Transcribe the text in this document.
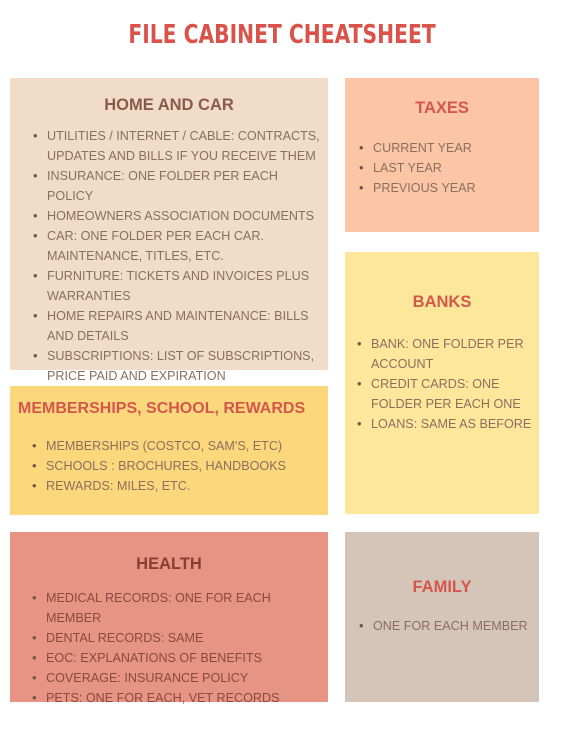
FILE CABINET CHEATSHEET
HOME AND CAR
• UTILITIES / INTERNET / CABLE: CONTRACTS, UPDATES AND BILLS IF YOU RECEIVE THEM
• INSURANCE: ONE FOLDER PER EACH POLICY
• HOMEOWNERS ASSOCIATION DOCUMENTS
• CAR: ONE FOLDER PER EACH CAR. MAINTENANCE, TITLES, ETC.
• FURNITURE: TICKETS AND INVOICES PLUS WARRANTIES
• HOME REPAIRS AND MAINTENANCE: BILLS AND DETAILS
• SUBSCRIPTIONS: LIST OF SUBSCRIPTIONS, PRICE PAID AND EXPIRATION
TAXES
• CURRENT YEAR
• LAST YEAR
• PREVIOUS YEAR
BANKS
• BANK: ONE FOLDER PER ACCOUNT
• CREDIT CARDS: ONE FOLDER PER EACH ONE
• LOANS: SAME AS BEFORE
MEMBERSHIPS, SCHOOL, REWARDS
• MEMBERSHIPS (COSTCO, SAM'S, ETC)
• SCHOOLS : BROCHURES, HANDBOOKS
• REWARDS: MILES, ETC.
HEALTH
• MEDICAL RECORDS: ONE FOR EACH MEMBER
• DENTAL RECORDS: SAME
• EOC: EXPLANATIONS OF BENEFITS
• COVERAGE: INSURANCE POLICY
• PETS: ONE FOR EACH, VET RECORDS
FAMILY
• ONE FOR EACH MEMBER
